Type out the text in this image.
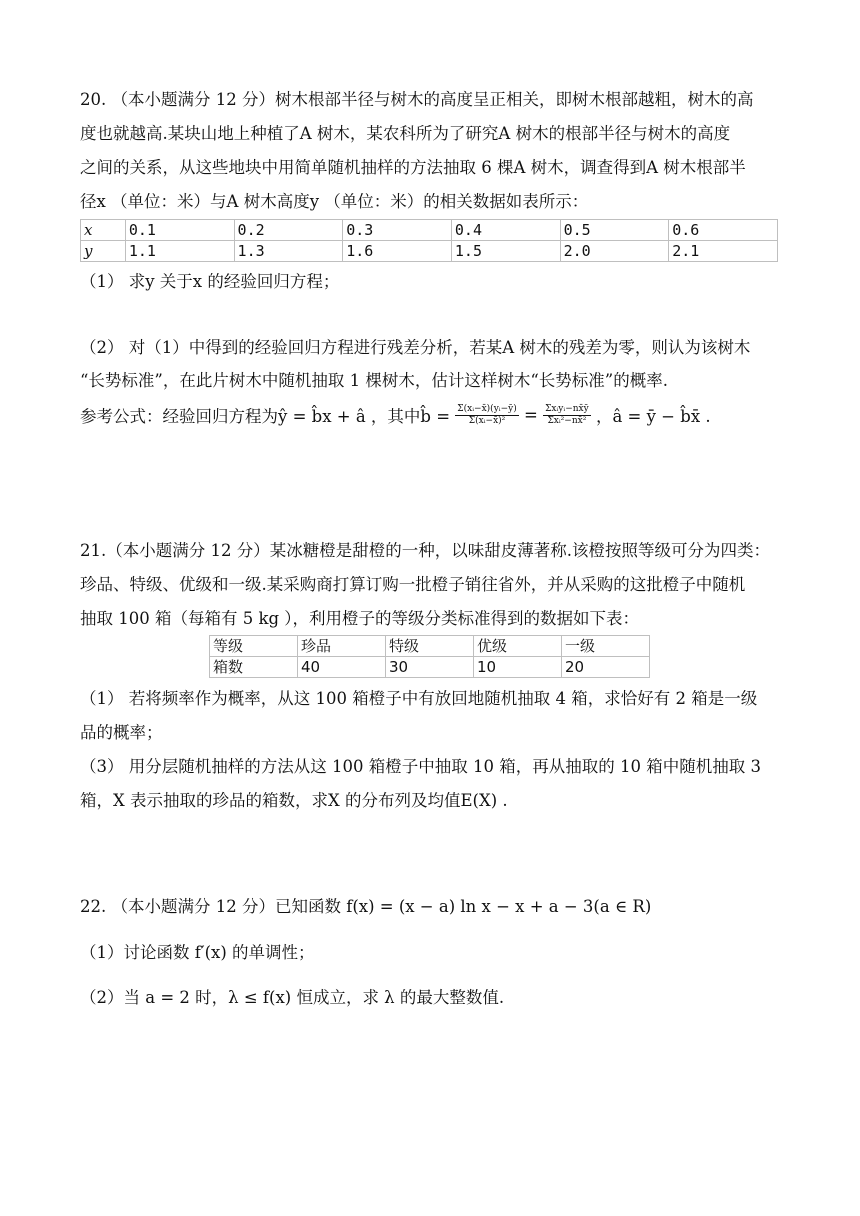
20. （本小题满分 12 分）树木根部半径与树木的高度呈正相关，即树木根部越粗，树木的高
度也就越高.某块山地上种植了A 树木，某农科所为了研究A 树木的根部半径与树木的高度
之间的关系，从这些地块中用简单随机抽样的方法抽取 6 棵A 树木，调查得到A 树木根部半
径x （单位：米）与A 树木高度y （单位：米）的相关数据如表所示：
x	0.1	0.2	0.3	0.4	0.5	0.6
y	1.1	1.3	1.6	1.5	2.0	2.1
（1） 求y 关于x 的经验回归方程；
（2） 对（1）中得到的经验回归方程进行残差分析，若某A 树木的残差为零，则认为该树木
“长势标准”，在此片树木中随机抽取 1 棵树木，估计这样树木“长势标准”的概率.
参考公式：经验回归方程为ŷ = b̂x + â ，其中b̂ = $\frac{\text{Σ(xᵢ−x̄)(yᵢ−ȳ)}}{\text{Σ(xᵢ−x̄)²}} = \frac{\text{Σxᵢyᵢ−nx̄ȳ}}{\text{Σxᵢ²−nx̄²}}$ ，â = ȳ − b̂x̄ .
21.（本小题满分 12 分）某冰糖橙是甜橙的一种，以味甜皮薄著称.该橙按照等级可分为四类：
珍品、特级、优级和一级.某采购商打算订购一批橙子销往省外，并从采购的这批橙子中随机
抽取 100 箱（每箱有 5 kg ），利用橙子的等级分类标准得到的数据如下表：
等级	珍品	特级	优级	一级
箱数	40	30	10	20
（1） 若将频率作为概率，从这 100 箱橙子中有放回地随机抽取 4 箱，求恰好有 2 箱是一级
品的概率；
（3） 用分层随机抽样的方法从这 100 箱橙子中抽取 10 箱，再从抽取的 10 箱中随机抽取 3
箱，X 表示抽取的珍品的箱数，求X 的分布列及均值E(X) .
22. （本小题满分 12 分）已知函数 f(x) = (x − a) ln x − x + a − 3(a ∈ R)
（1）讨论函数 f′(x) 的单调性；
（2）当 a = 2 时，λ ≤ f(x) 恒成立，求 λ 的最大整数值.
